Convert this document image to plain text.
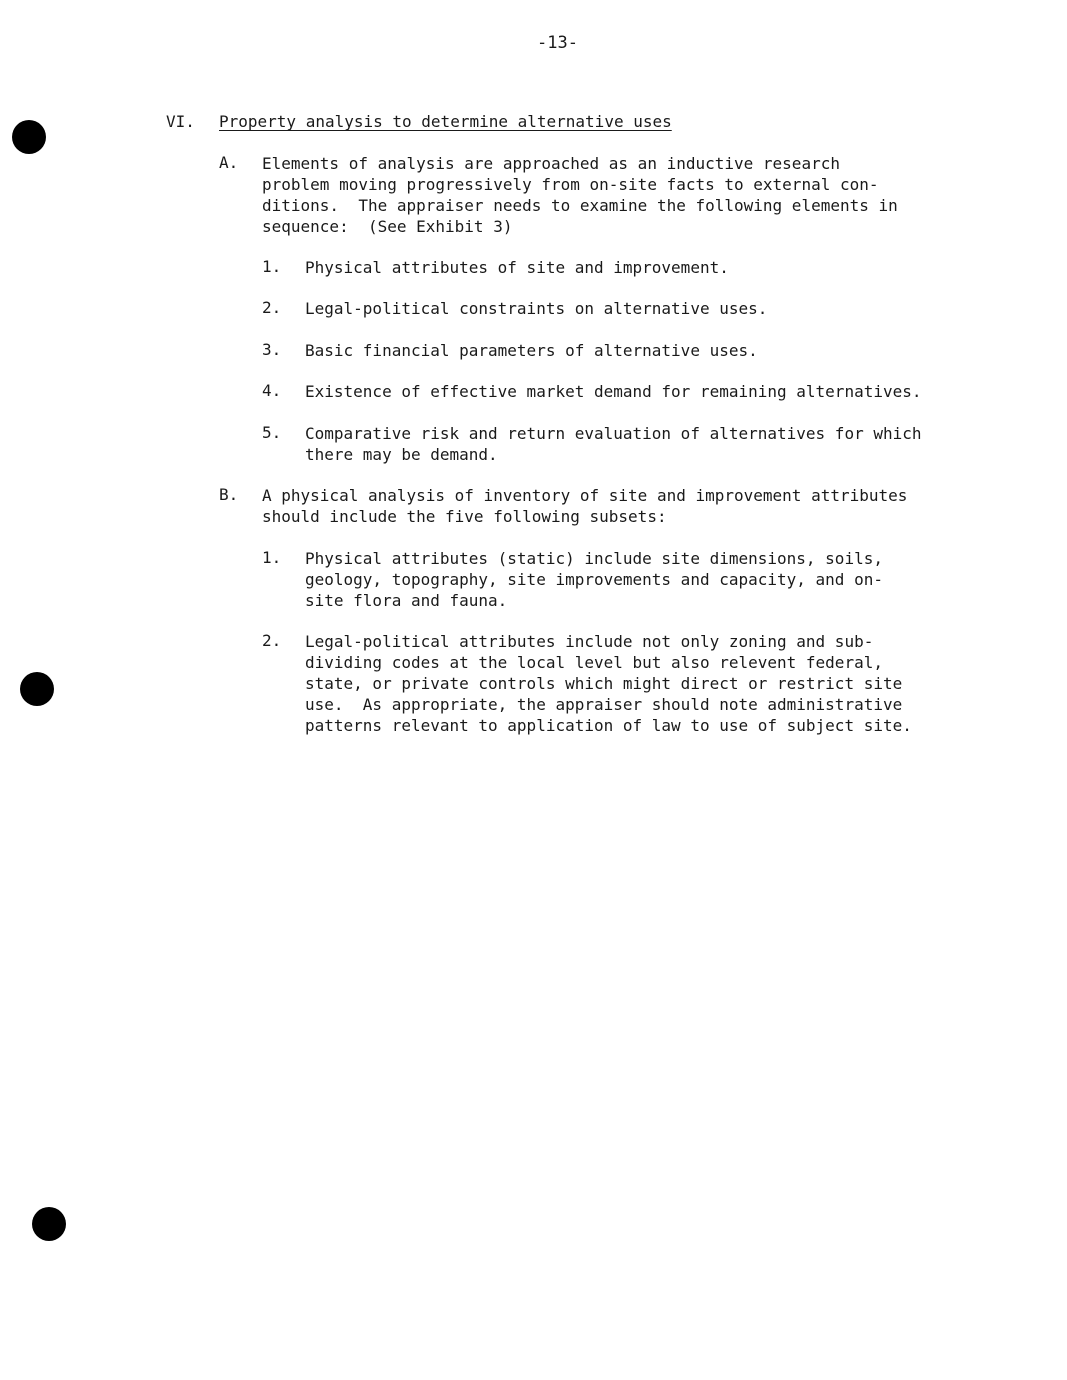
-13-
VI. Property analysis to determine alternative uses
A. Elements of analysis are approached as an inductive research
problem moving progressively from on-site facts to external con-
ditions.  The appraiser needs to examine the following elements in
sequence:  (See Exhibit 3)
1. Physical attributes of site and improvement.
2. Legal-political constraints on alternative uses.
3. Basic financial parameters of alternative uses.
4. Existence of effective market demand for remaining alternatives.
5. Comparative risk and return evaluation of alternatives for which
there may be demand.
B. A physical analysis of inventory of site and improvement attributes
should include the five following subsets:
1. Physical attributes (static) include site dimensions, soils,
geology, topography, site improvements and capacity, and on-
site flora and fauna.
2. Legal-political attributes include not only zoning and sub-
dividing codes at the local level but also relevent federal,
state, or private controls which might direct or restrict site
use.  As appropriate, the appraiser should note administrative
patterns relevant to application of law to use of subject site.
